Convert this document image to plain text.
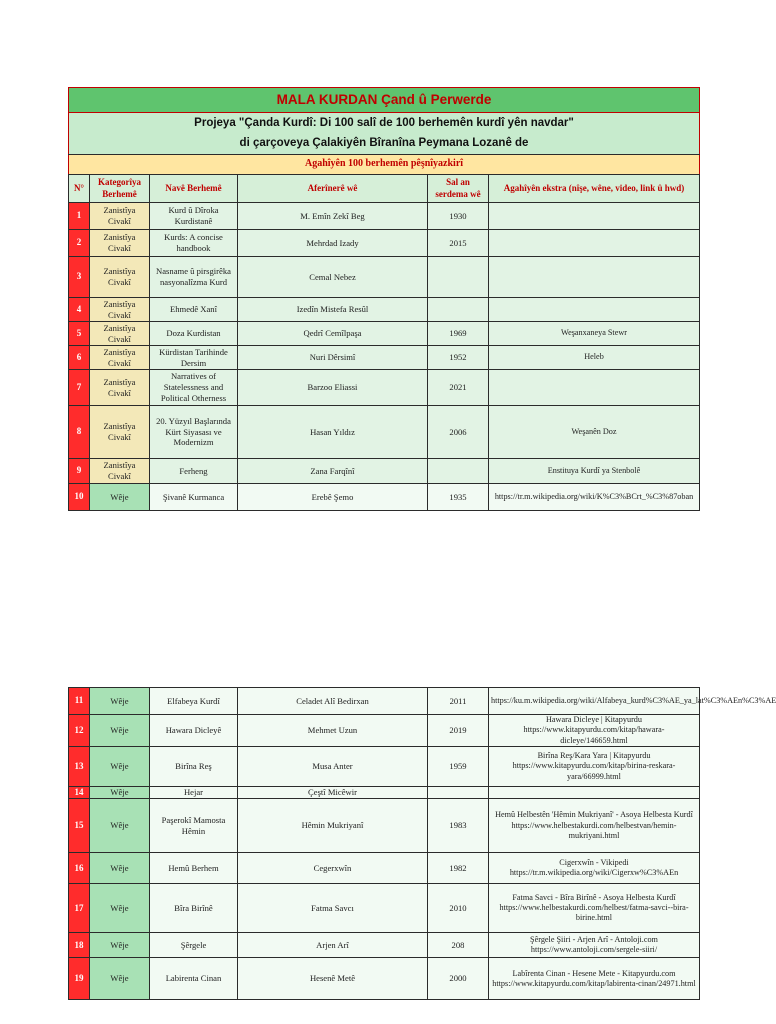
MALA KURDAN Çand û Perwerde					
Projeya "Çanda Kurdî: Di 100 salî de 100 berhemên kurdî yên navdar"					
di çarçoveya Çalakiyên Bîranîna Peymana Lozanê de					
Agahîyên 100 berhemên pêşnîyazkirî					
N°	Kategorîya Berhemê	Navê Berhemê	Aferînerê wê	Sal an serdema wê	Agahîyên ekstra (nîşe, wêne, video, link û hwd)
1	Zanistîya Civakî	Kurd û Dîroka Kurdistanê	M. Emîn Zekî Beg	1930	
2	Zanistîya Civakî	Kurds: A concise handbook	Mehrdad Izady	2015	
3	Zanistîya Civakî	Nasname û pirsgirêka nasyonalîzma Kurd	Cemal Nebez		
4	Zanistîya Civakî	Ehmedê Xanî	Izedîn Mistefa Resûl		
5	Zanistîya Civakî	Doza Kurdistan	Qedrî Cemîlpaşa	1969	Weşanxaneya Stewr
6	Zanistîya Civakî	Kürdistan Tarihinde Dersim	Nuri Dêrsimî	1952	Heleb
7	Zanistîya Civakî	Narratives of Statelessness and Political Otherness	Barzoo Eliassi	2021	
8	Zanistîya Civakî	20. Yüzyıl Başlarında Kürt Siyasası ve Modernizm	Hasan Yıldız	2006	Weşanên Doz
9	Zanistîya Civakî	Ferheng	Zana Farqînî		Enstituya Kurdî ya Stenbolê
10	Wêje	Şivanê Kurmanca	Erebê Şemo	1935	https://tr.m.wikipedia.org/wiki/K%C3%BCrt_%C3%87oban
11	Wêje	Elfabeya Kurdî	Celadet Alî Bedirxan	2011	https://ku.m.wikipedia.org/wiki/Alfabeya_kurd%C3%AE_ya_lat%C3%AEn%C3%AE
12	Wêje	Hawara Dicleyê	Mehmet Uzun	2019	Hawara Dicleye | Kitapyurdu https://www.kitapyurdu.com/kitap/hawara-dicleye/146659.html
13	Wêje	Birîna Reş	Musa Anter	1959	Birîna Reş/Kara Yara | Kitapyurdu https://www.kitapyurdu.com/kitap/birina-reskara-yara/66999.html
14	Wêje	Hejar	Çeştî Micêwir		
15	Wêje	Paşerokî Mamosta Hêmin	Hêmin Mukriyanî	1983	Hemû Helbestên 'Hêmin Mukriyanî' - Asoya Helbesta Kurdî https://www.helbestakurdi.com/helbestvan/hemin-mukriyani.html
16	Wêje	Hemû Berhem	Cegerxwîn	1982	Cigerxwîn - Vikipedi https://tr.m.wikipedia.org/wiki/Cigerxw%C3%AEn
17	Wêje	Bîra Birînê	Fatma Savcı	2010	Fatma Savci - Bîra Birînê - Asoya Helbesta Kurdî https://www.helbestakurdi.com/helbest/fatma-savci--bira-birine.html
18	Wêje	Şêrgele	Arjen Arî	208	Şêrgele Şiiri - Arjen Arî - Antoloji.com https://www.antoloji.com/sergele-siiri/
19	Wêje	Labirenta Cinan	Hesenê Metê	2000	Labîrenta Cinan - Hesene Mete - Kitapyurdu.com https://www.kitapyurdu.com/kitap/labirenta-cinan/24971.html
